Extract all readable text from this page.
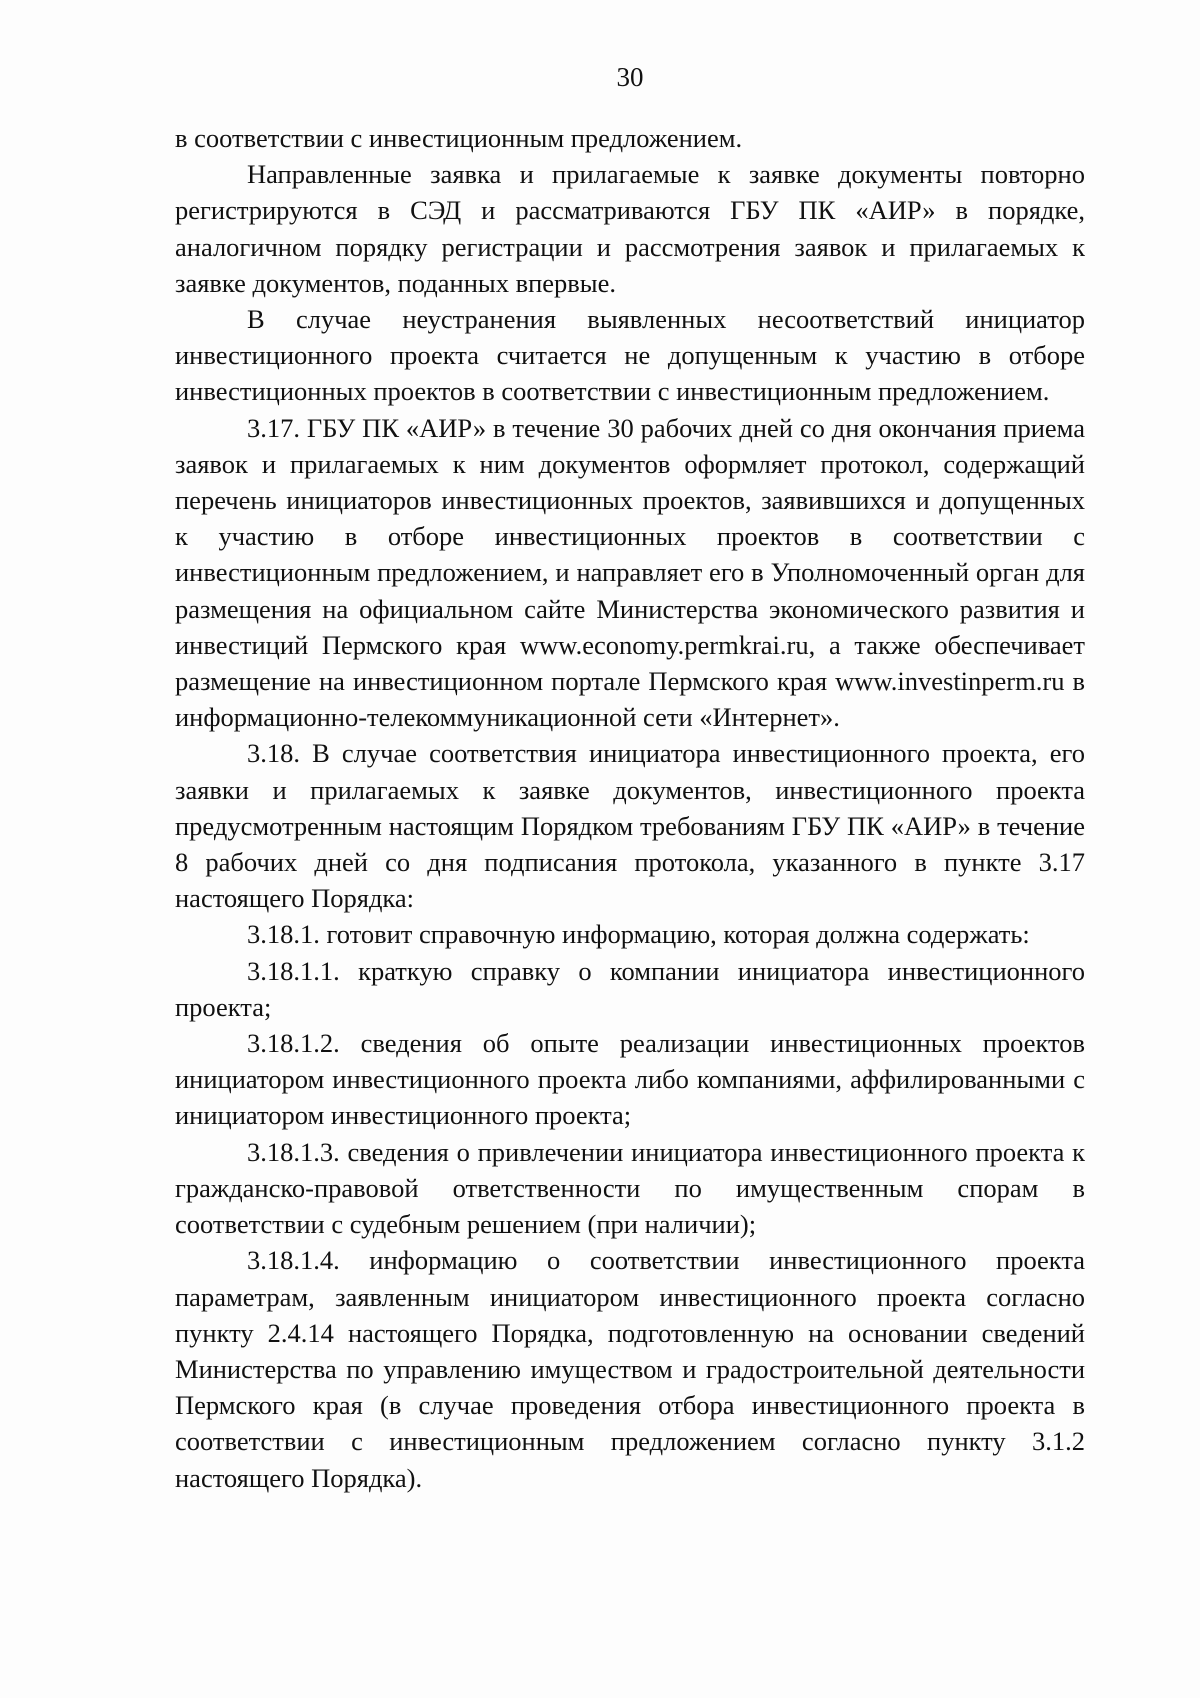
30

в соответствии с инвестиционным предложением.

Направленные заявка и прилагаемые к заявке документы повторно регистрируются в СЭД и рассматриваются ГБУ ПК «АИР» в порядке, аналогичном порядку регистрации и рассмотрения заявок и прилагаемых к заявке документов, поданных впервые.

В случае неустранения выявленных несоответствий инициатор инвестиционного проекта считается не допущенным к участию в отборе инвестиционных проектов в соответствии с инвестиционным предложением.

3.17. ГБУ ПК «АИР» в течение 30 рабочих дней со дня окончания приема заявок и прилагаемых к ним документов оформляет протокол, содержащий перечень инициаторов инвестиционных проектов, заявившихся и допущенных к участию в отборе инвестиционных проектов в соответствии с инвестиционным предложением, и направляет его в Уполномоченный орган для размещения на официальном сайте Министерства экономического развития и инвестиций Пермского края www.economy.permkrai.ru, а также обеспечивает размещение на инвестиционном портале Пермского края www.investinperm.ru в информационно-телекоммуникационной сети «Интернет».

3.18. В случае соответствия инициатора инвестиционного проекта, его заявки и прилагаемых к заявке документов, инвестиционного проекта предусмотренным настоящим Порядком требованиям ГБУ ПК «АИР» в течение 8 рабочих дней со дня подписания протокола, указанного в пункте 3.17 настоящего Порядка:

3.18.1. готовит справочную информацию, которая должна содержать:

3.18.1.1. краткую справку о компании инициатора инвестиционного проекта;

3.18.1.2. сведения об опыте реализации инвестиционных проектов инициатором инвестиционного проекта либо компаниями, аффилированными с инициатором инвестиционного проекта;

3.18.1.3. сведения о привлечении инициатора инвестиционного проекта к гражданско-правовой ответственности по имущественным спорам в соответствии с судебным решением (при наличии);

3.18.1.4. информацию о соответствии инвестиционного проекта параметрам, заявленным инициатором инвестиционного проекта согласно пункту 2.4.14 настоящего Порядка, подготовленную на основании сведений Министерства по управлению имуществом и градостроительной деятельности Пермского края (в случае проведения отбора инвестиционного проекта в соответствии с инвестиционным предложением согласно пункту 3.1.2 настоящего Порядка).
